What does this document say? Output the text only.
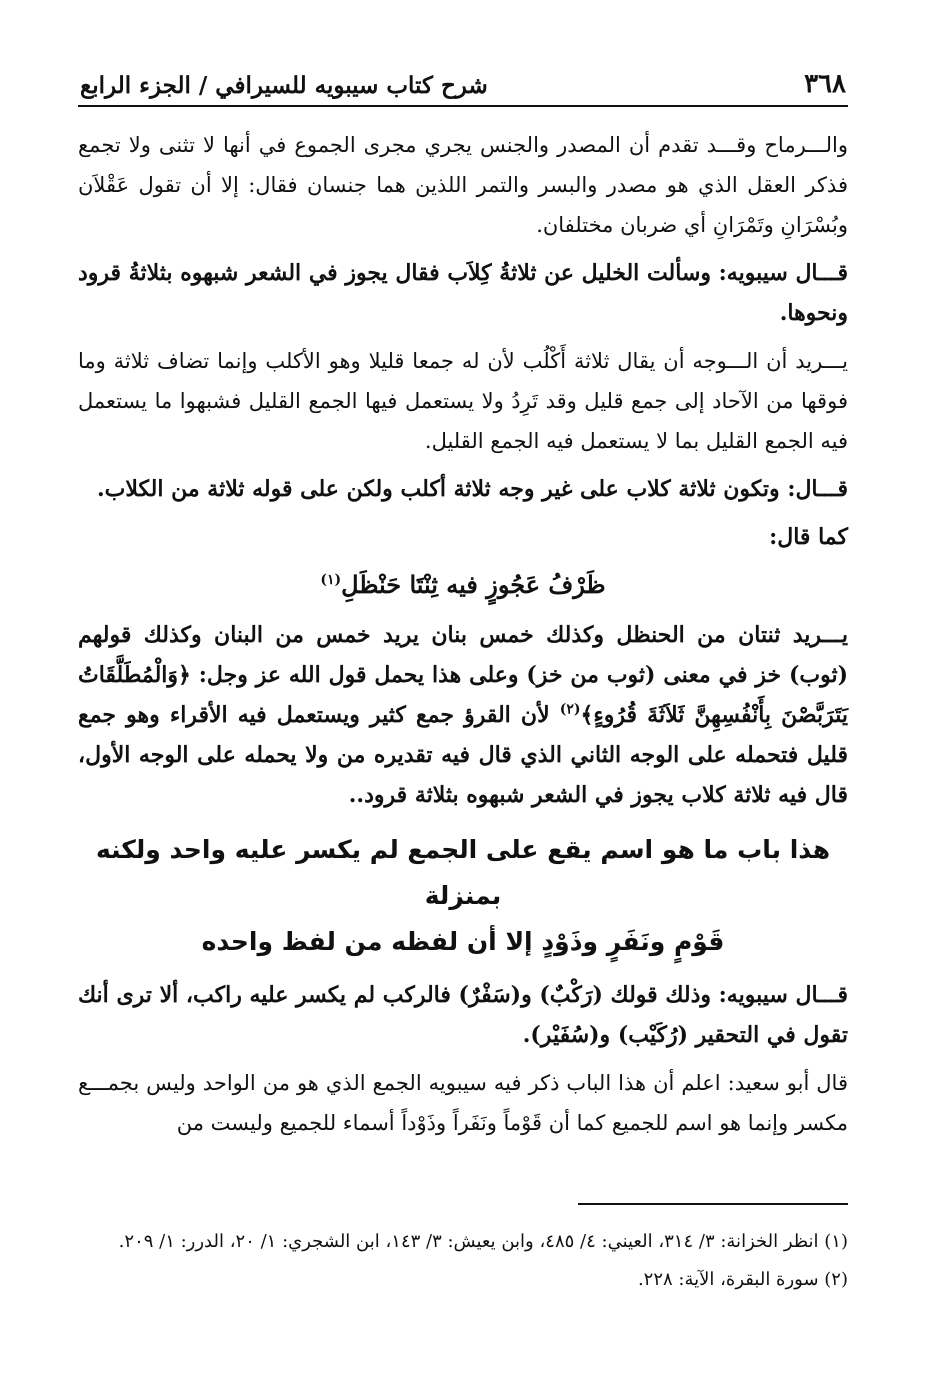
٣٦٨
شرح كتاب سيبويه للسيرافي / الجزء الرابع

والـــرماح وقـــد تقدم أن المصدر والجنس يجري مجرى الجموع في أنها لا تثنى ولا تجمع فذكر العقل الذي هو مصدر والبسر والتمر اللذين هما جنسان فقال: إلا أن تقول عَقْلاَن وبُسْرَانِ وتَمْرَانِ أي ضربان مختلفان.

قـــال سيبويه: وسألت الخليل عن ثلاثةُ كِلاَب فقال يجوز في الشعر شبهوه بثلاثةُ قرود ونحوها.

يـــريد أن الـــوجه أن يقال ثلاثة أَكْلُب لأن له جمعا قليلا وهو الأكلب وإنما تضاف ثلاثة وما فوقها من الآحاد إلى جمع قليل وقد تَرِدُ ولا يستعمل فيها الجمع القليل فشبهوا ما يستعمل فيه الجمع القليل بما لا يستعمل فيه الجمع القليل.

قـــال: وتكون ثلاثة كلاب على غير وجه ثلاثة أكلب ولكن على قوله ثلاثة من الكلاب.

كما قال:

ظَرْفُ عَجُوزٍ فيه ثِنْتَا حَنْظَلِ$^{(١)}$

يـــريد ثنتان من الحنظل وكذلك خمس بنان يريد خمس من البنان وكذلك قولهم (ثوب) خز في معنى (ثوب من خز) وعلى هذا يحمل قول الله عز وجل: ﴿وَالْمُطَلَّقَاتُ يَتَرَبَّصْنَ بِأَنْفُسِهِنَّ ثَلاَثَةَ قُرُوءٍ﴾$^{(٢)}$ لأن القرؤ جمع كثير ويستعمل فيه الأقراء وهو جمع قليل فتحمله على الوجه الثاني الذي قال فيه تقديره من ولا يحمله على الوجه الأول، قال فيه ثلاثة كلاب يجوز في الشعر شبهوه بثلاثة قرود..

هذا باب ما هو اسم يقع على الجمع لم يكسر عليه واحد ولكنه بمنزلة
قَوْمٍ ونَفَرٍ وذَوْدٍ إلا أن لفظه من لفظ واحده

قـــال سيبويه: وذلك قولك (رَكْبٌ) و(سَفْرٌ) فالركب لم يكسر عليه راكب، ألا ترى أنك تقول في التحقير (رُكَيْب) و(سُفَيْر).

قال أبو سعيد: اعلم أن هذا الباب ذكر فيه سيبويه الجمع الذي هو من الواحد وليس بجمـــع مكسر وإنما هو اسم للجميع كما أن قَوْماً ونَفَراً وذَوْداً أسماء للجميع وليست من

(١) انظر الخزانة: ٣/ ٣١٤، العيني: ٤/ ٤٨٥، وابن يعيش: ٣/ ١٤٣، ابن الشجري: ١/ ٢٠، الدرر: ١/ ٢٠٩.

(٢) سورة البقرة، الآية: ٢٢٨.
